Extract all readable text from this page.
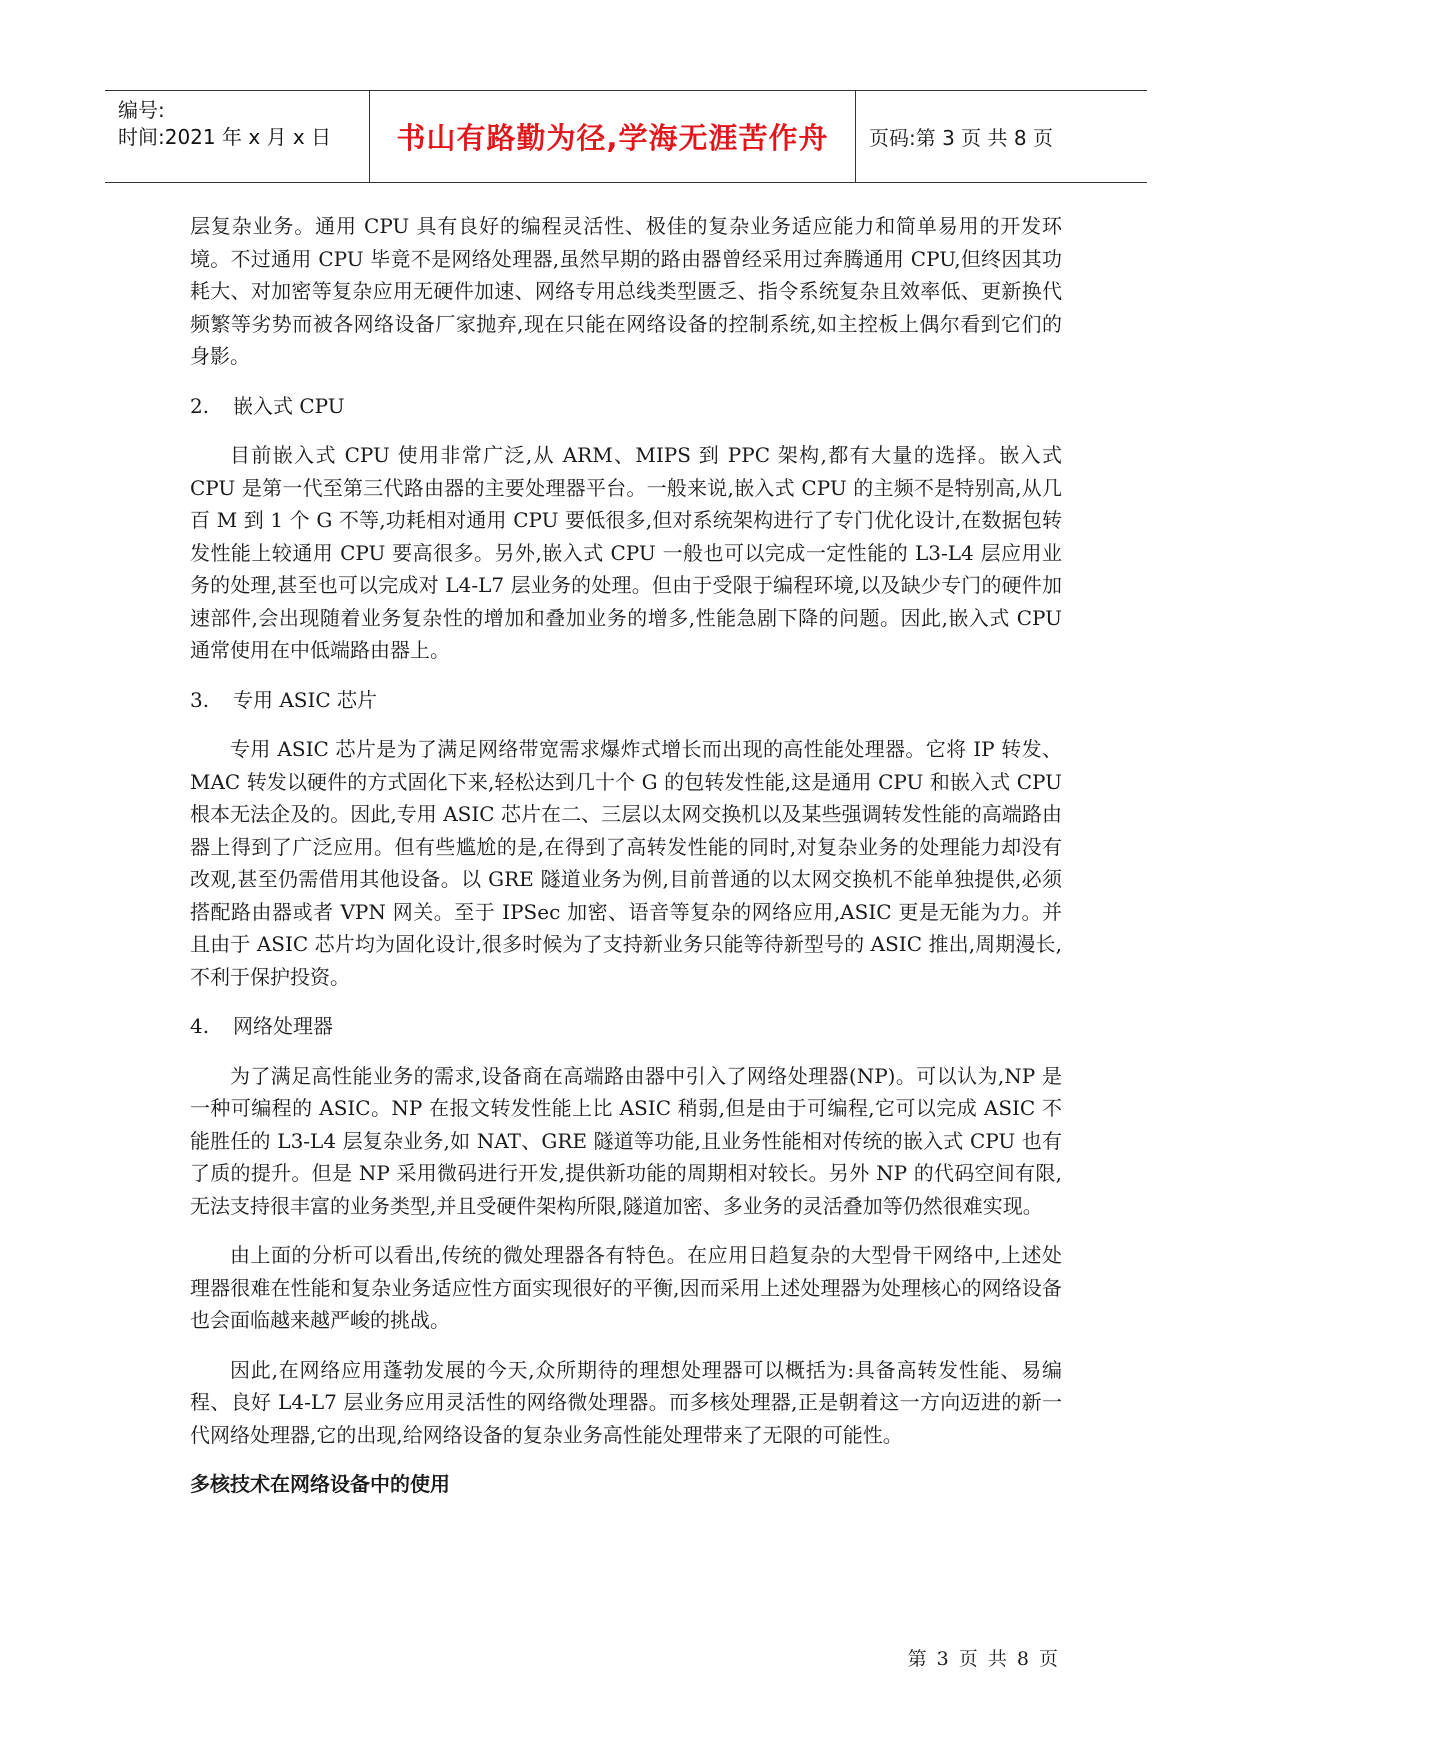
编号:
时间:2021 年 x 月 x 日 书山有路勤为径,学海无涯苦作舟 页码:第 3 页 共 8 页

层复杂业务。通用 CPU 具有良好的编程灵活性、极佳的复杂业务适应能力和简单易用的开发环境。不过通用 CPU 毕竟不是网络处理器,虽然早期的路由器曾经采用过奔腾通用 CPU,但终因其功耗大、对加密等复杂应用无硬件加速、网络专用总线类型匮乏、指令系统复杂且效率低、更新换代频繁等劣势而被各网络设备厂家抛弃,现在只能在网络设备的控制系统,如主控板上偶尔看到它们的身影。

2. 嵌入式 CPU

目前嵌入式 CPU 使用非常广泛,从 ARM、MIPS 到 PPC 架构,都有大量的选择。嵌入式 CPU 是第一代至第三代路由器的主要处理器平台。一般来说,嵌入式 CPU 的主频不是特别高,从几百 M 到 1 个 G 不等,功耗相对通用 CPU 要低很多,但对系统架构进行了专门优化设计,在数据包转发性能上较通用 CPU 要高很多。另外,嵌入式 CPU 一般也可以完成一定性能的 L3-L4 层应用业务的处理,甚至也可以完成对 L4-L7 层业务的处理。但由于受限于编程环境,以及缺少专门的硬件加速部件,会出现随着业务复杂性的增加和叠加业务的增多,性能急剧下降的问题。因此,嵌入式 CPU 通常使用在中低端路由器上。

3. 专用 ASIC 芯片

专用 ASIC 芯片是为了满足网络带宽需求爆炸式增长而出现的高性能处理器。它将 IP 转发、MAC 转发以硬件的方式固化下来,轻松达到几十个 G 的包转发性能,这是通用 CPU 和嵌入式 CPU 根本无法企及的。因此,专用 ASIC 芯片在二、三层以太网交换机以及某些强调转发性能的高端路由器上得到了广泛应用。但有些尴尬的是,在得到了高转发性能的同时,对复杂业务的处理能力却没有改观,甚至仍需借用其他设备。以 GRE 隧道业务为例,目前普通的以太网交换机不能单独提供,必须搭配路由器或者 VPN 网关。至于 IPSec 加密、语音等复杂的网络应用,ASIC 更是无能为力。并且由于 ASIC 芯片均为固化设计,很多时候为了支持新业务只能等待新型号的 ASIC 推出,周期漫长,不利于保护投资。

4. 网络处理器

为了满足高性能业务的需求,设备商在高端路由器中引入了网络处理器(NP)。可以认为,NP 是一种可编程的 ASIC。NP 在报文转发性能上比 ASIC 稍弱,但是由于可编程,它可以完成 ASIC 不能胜任的 L3-L4 层复杂业务,如 NAT、GRE 隧道等功能,且业务性能相对传统的嵌入式 CPU 也有了质的提升。但是 NP 采用微码进行开发,提供新功能的周期相对较长。另外 NP 的代码空间有限,无法支持很丰富的业务类型,并且受硬件架构所限,隧道加密、多业务的灵活叠加等仍然很难实现。

由上面的分析可以看出,传统的微处理器各有特色。在应用日趋复杂的大型骨干网络中,上述处理器很难在性能和复杂业务适应性方面实现很好的平衡,因而采用上述处理器为处理核心的网络设备也会面临越来越严峻的挑战。

因此,在网络应用蓬勃发展的今天,众所期待的理想处理器可以概括为:具备高转发性能、易编程、良好 L4-L7 层业务应用灵活性的网络微处理器。而多核处理器,正是朝着这一方向迈进的新一代网络处理器,它的出现,给网络设备的复杂业务高性能处理带来了无限的可能性。

多核技术在网络设备中的使用

第 3 页 共 8 页
